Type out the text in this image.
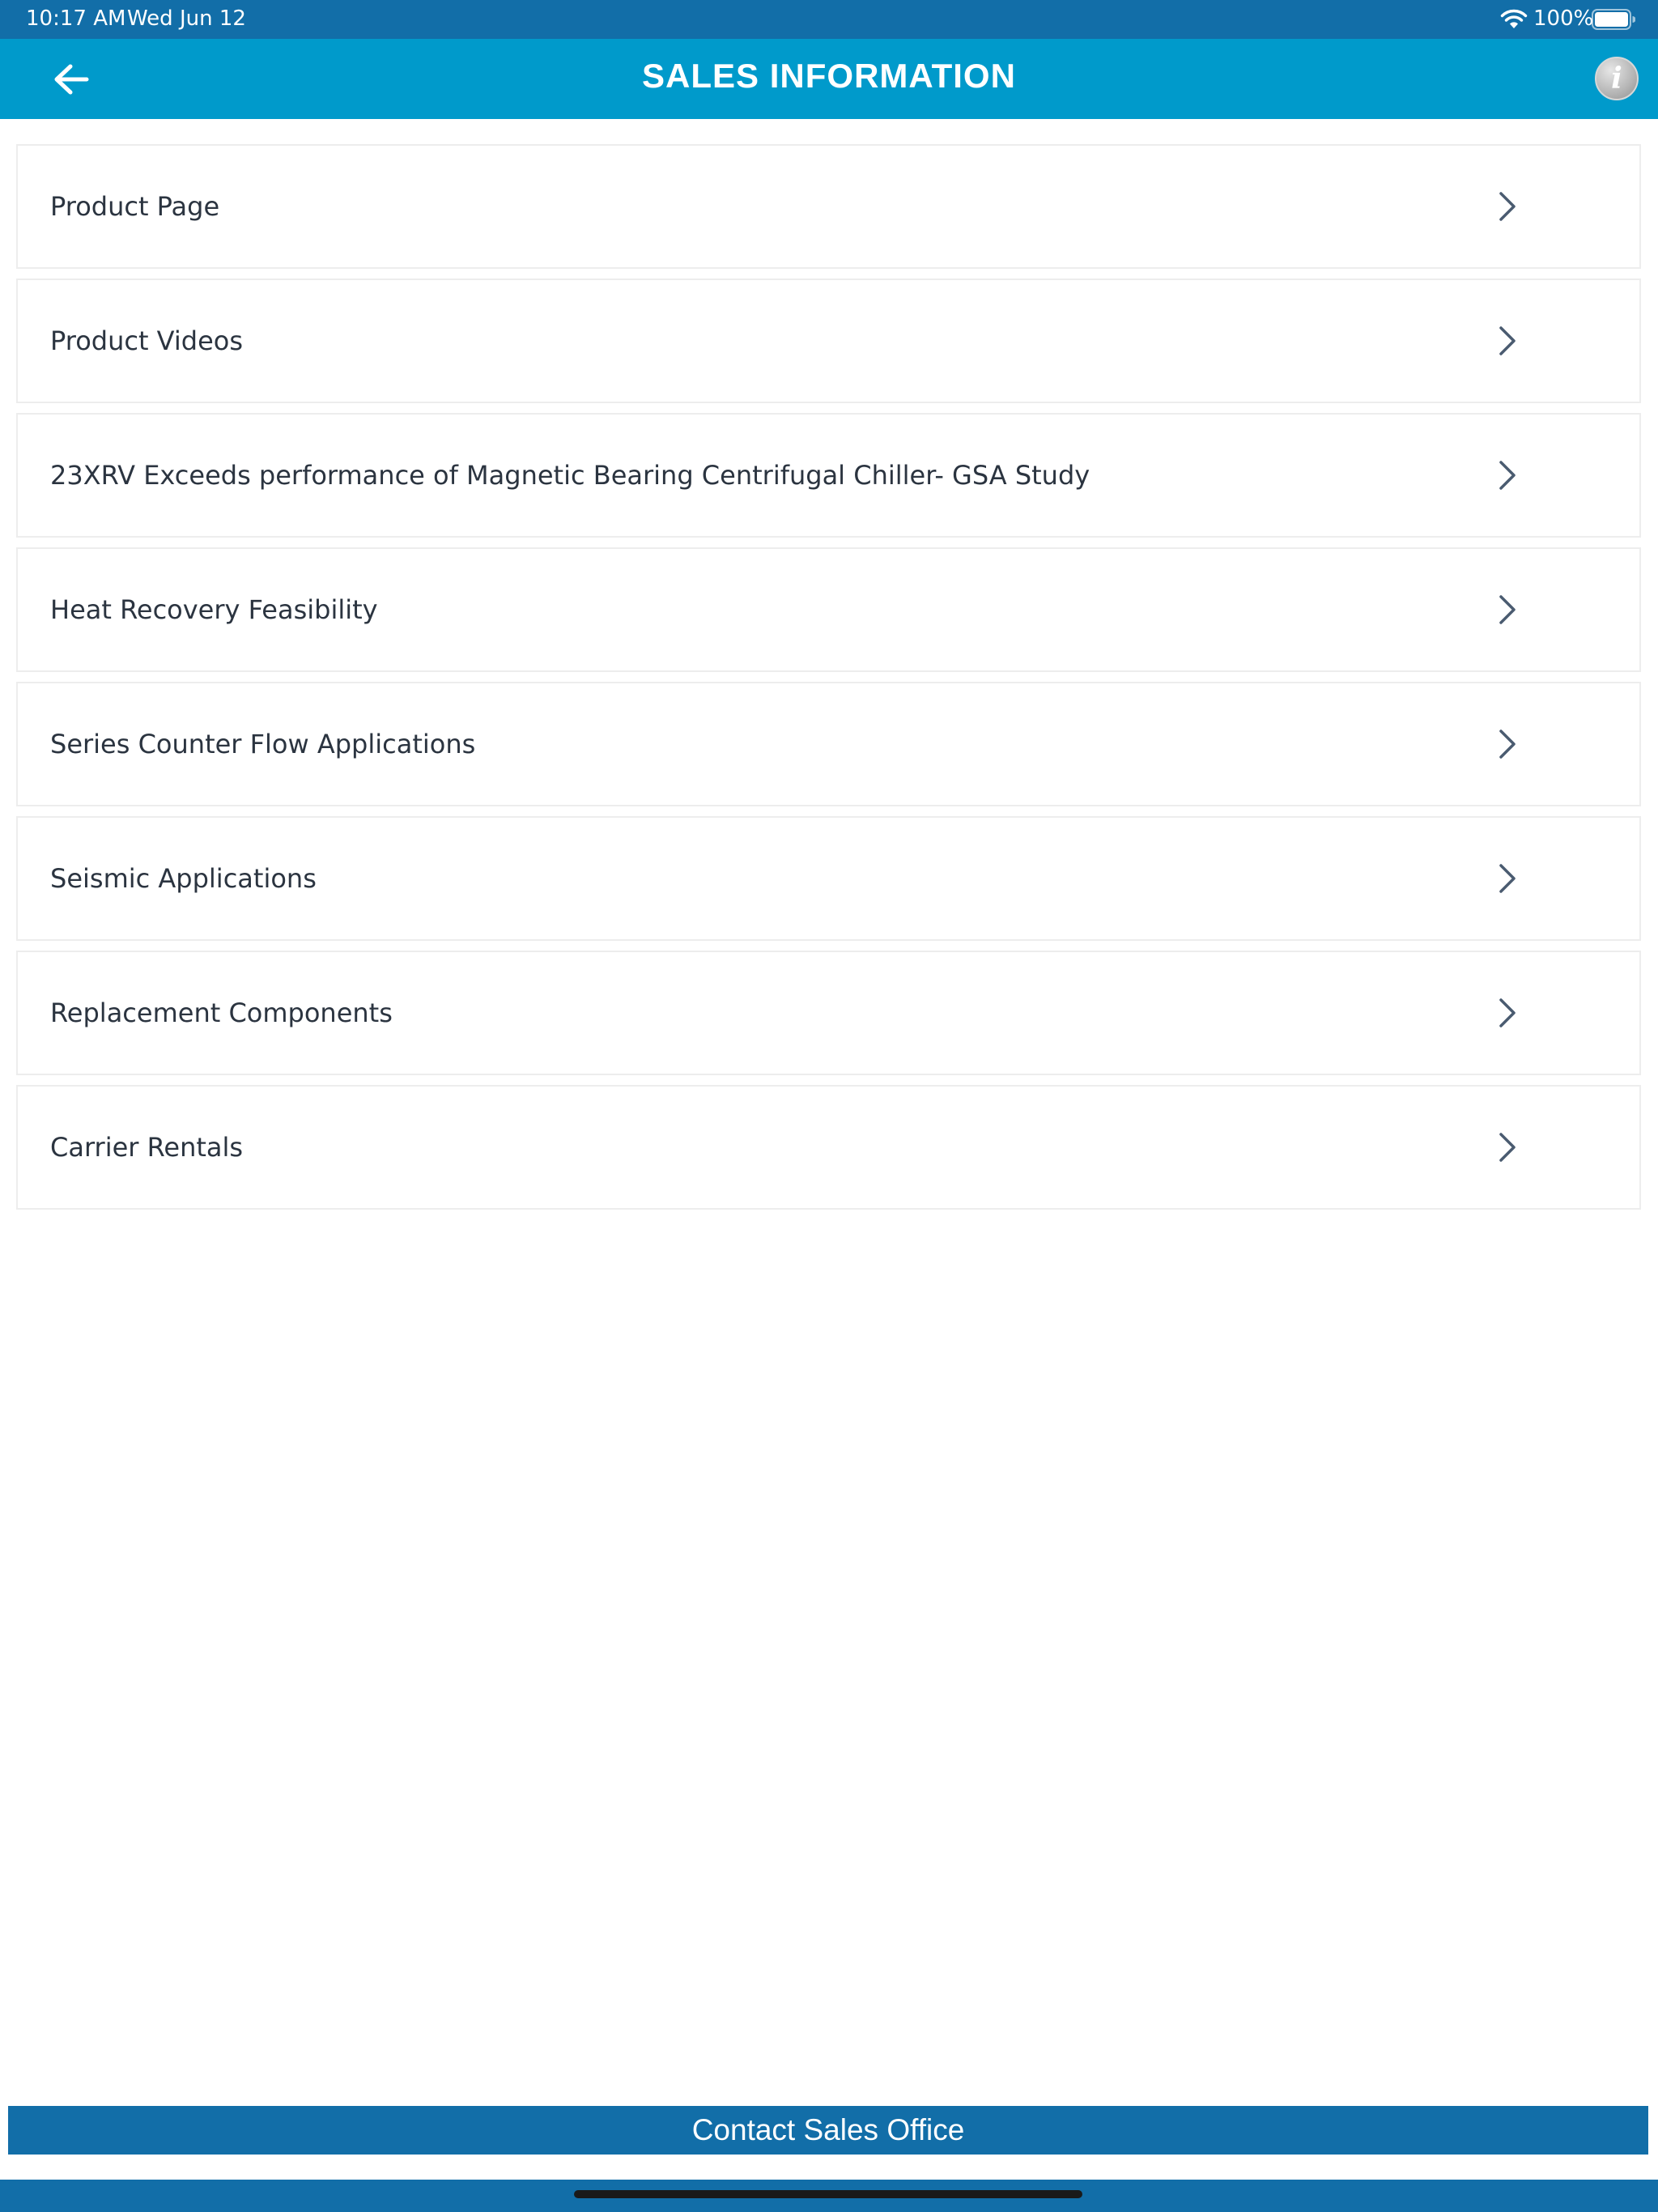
10:17 AM Wed Jun 12	100%
SALES INFORMATION	i
Product Page
Product Videos
23XRV Exceeds performance of Magnetic Bearing Centrifugal Chiller- GSA Study
Heat Recovery Feasibility
Series Counter Flow Applications
Seismic Applications
Replacement Components
Carrier Rentals
Contact Sales Office
